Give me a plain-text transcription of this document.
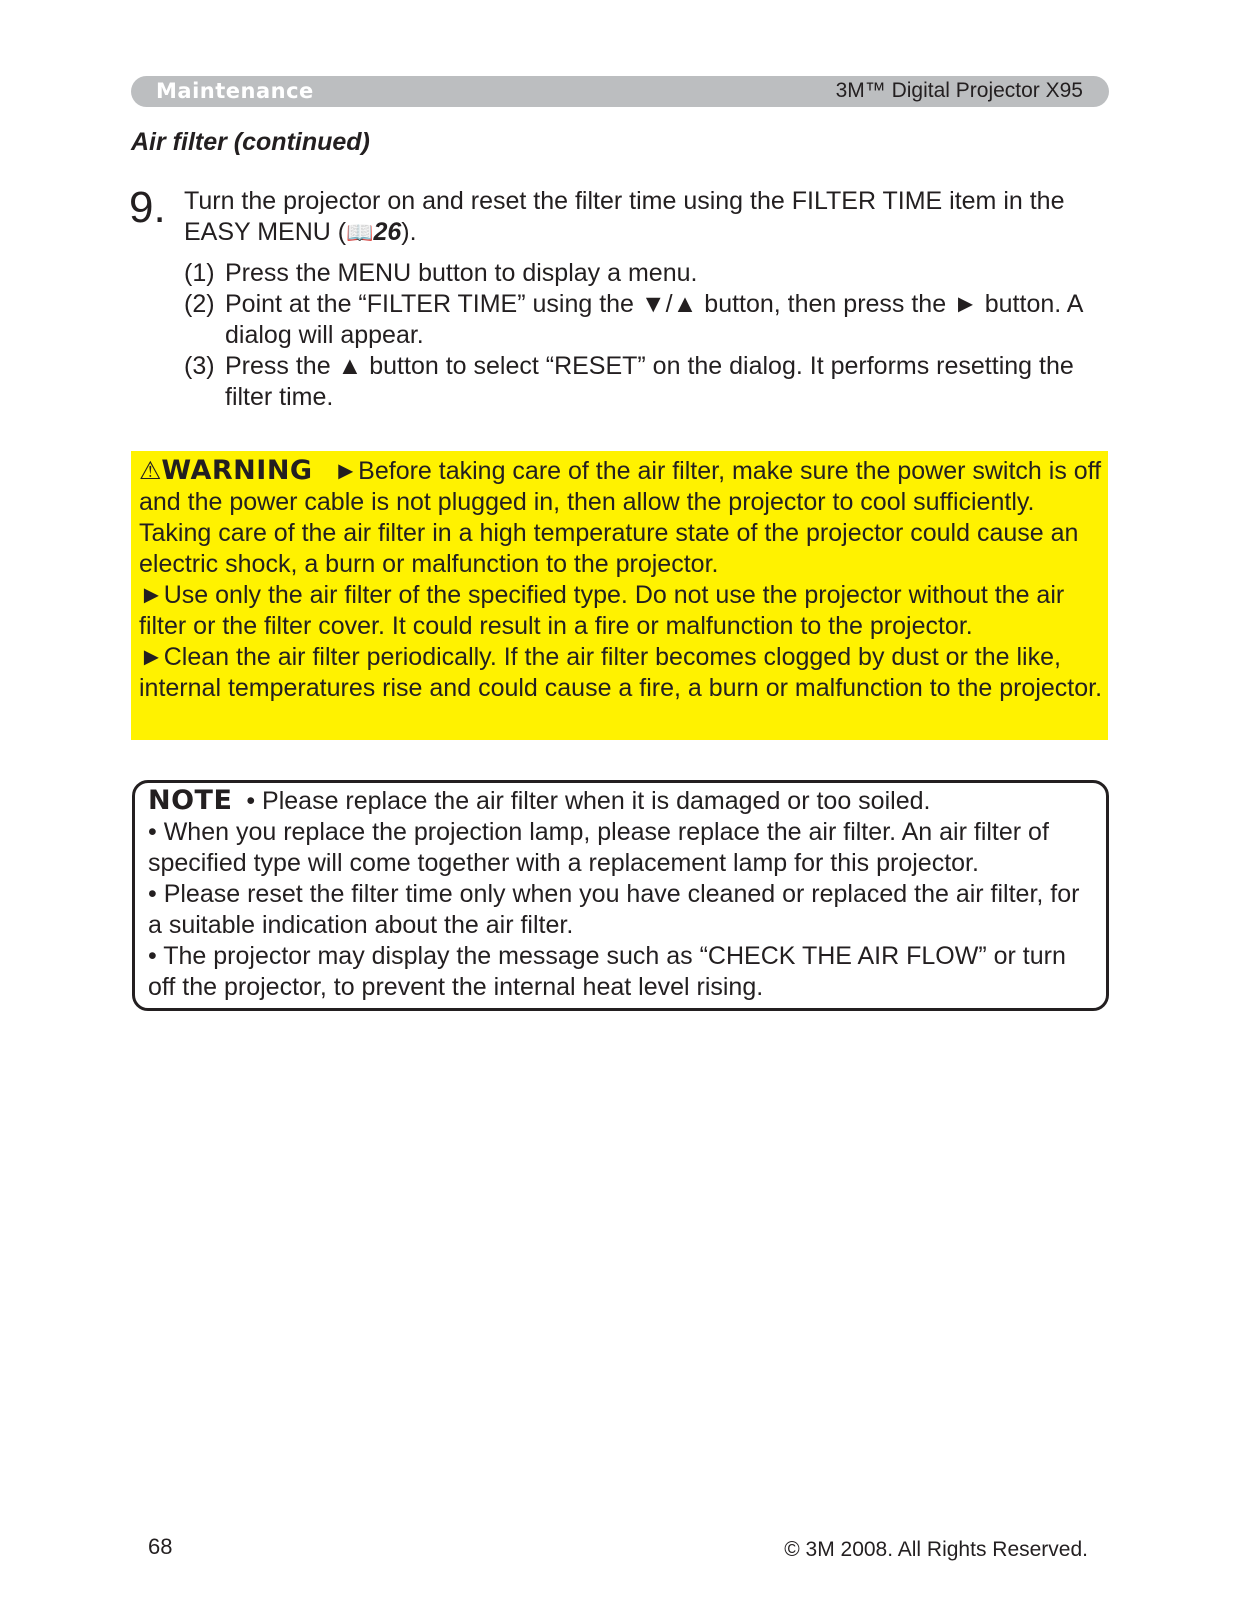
Maintenance	3M™ Digital Projector X95
Air filter (continued)
9. Turn the projector on and reset the filter time using the FILTER TIME item in the EASY MENU (📖26).
(1) Press the MENU button to display a menu.
(2) Point at the “FILTER TIME” using the ▼/▲ button, then press the ► button. A dialog will appear.
(3) Press the ▲ button to select “RESET” on the dialog. It performs resetting the filter time.
⚠WARNING ►Before taking care of the air filter, make sure the power switch is off and the power cable is not plugged in, then allow the projector to cool sufficiently. Taking care of the air filter in a high temperature state of the projector could cause an electric shock, a burn or malfunction to the projector.
►Use only the air filter of the specified type. Do not use the projector without the air filter or the filter cover. It could result in a fire or malfunction to the projector.
►Clean the air filter periodically. If the air filter becomes clogged by dust or the like, internal temperatures rise and could cause a fire, a burn or malfunction to the projector.
NOTE • Please replace the air filter when it is damaged or too soiled.
• When you replace the projection lamp, please replace the air filter. An air filter of specified type will come together with a replacement lamp for this projector.
• Please reset the filter time only when you have cleaned or replaced the air filter, for a suitable indication about the air filter.
• The projector may display the message such as “CHECK THE AIR FLOW” or turn off the projector, to prevent the internal heat level rising.
68	© 3M 2008. All Rights Reserved.
